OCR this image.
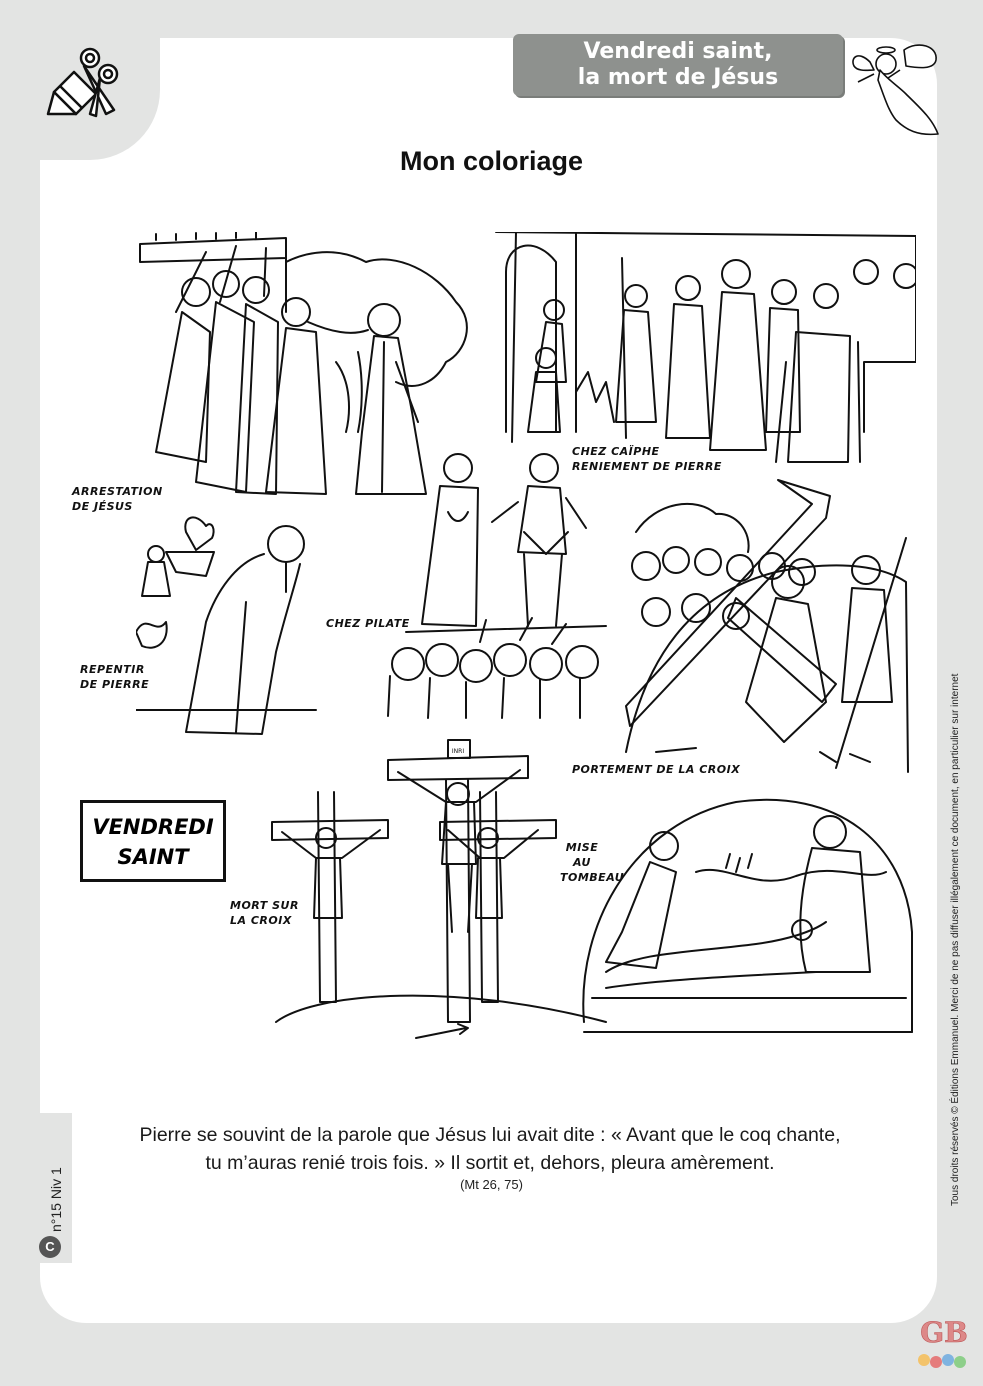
Vendredi saint,
la mort de Jésus
Mon coloriage
INRI
ARRESTATION
DE JÉSUS
CHEZ CAÏPHE
RENIEMENT DE PIERRE
CHEZ PILATE
REPENTIR
DE PIERRE
PORTEMENT DE LA CROIX
MORT SUR
LA CROIX
MISE
AU
TOMBEAU
VENDREDI
SAINT
Pierre se souvint de la parole que Jésus lui avait dite : « Avant que le coq chante,
tu m’auras renié trois fois. » Il sortit et, dehors, pleura amèrement.
(Mt 26, 75)
C
n°15 Niv 1	Tous droits réservés © Éditions Emmanuel. Merci de ne pas diffuser illégalement ce document, en particulier sur internet
GB
